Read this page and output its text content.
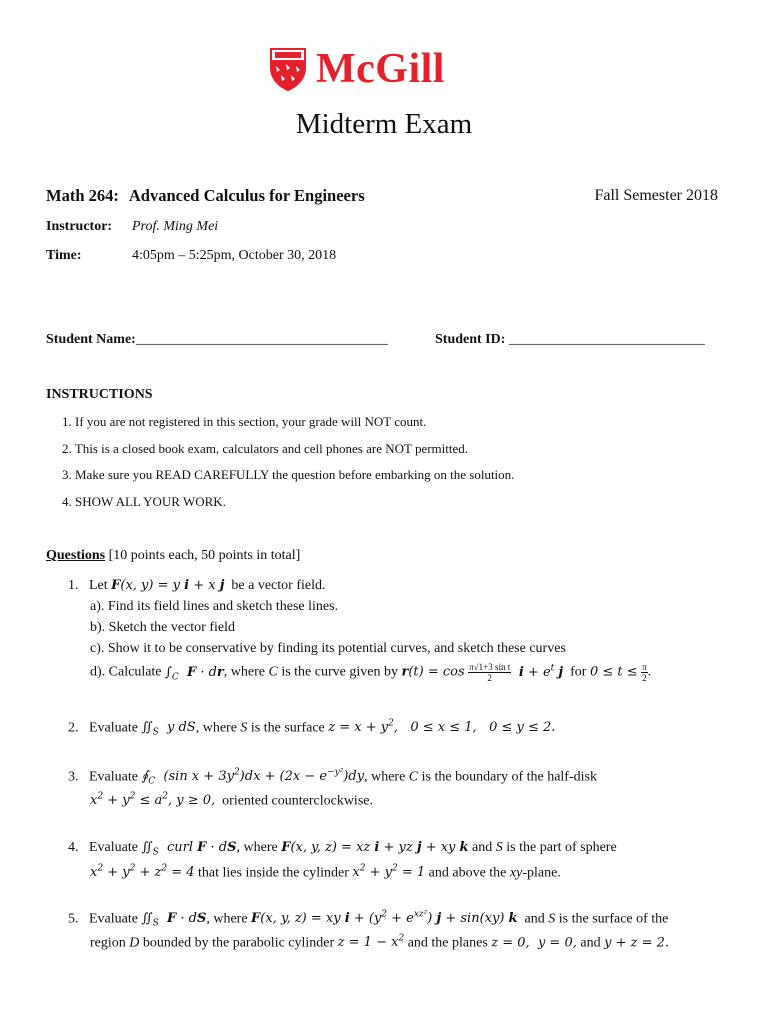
McGill
Midterm Exam
Math 264: Advanced Calculus for Engineers	Fall Semester 2018
Instructor: Prof. Ming Mei
Time:	4:05pm – 5:25pm, October 30, 2018
Student Name:____________________________________	Student ID: ____________________________
INSTRUCTIONS
1. If you are not registered in this section, your grade will NOT count.
2. This is a closed book exam, calculators and cell phones are NOT permitted.
3. Make sure you READ CAREFULLY the question before embarking on the solution.
4. SHOW ALL YOUR WORK.
Questions [10 points each, 50 points in total]
1.   Let F(x, y) = y i + x j  be a vector field.
a). Find its field lines and sketch these lines.
b). Sketch the vector field
c). Show it to be conservative by finding its potential curves, and sketch these curves
d). Calculate $\int_C$ F · dr, where C is the curve given by $r(t) = \cos \frac{\text{π√1+3 sin t}}{2}$ $i + e^t$ j  for $0 \le t \le \frac{\pi}{2}$ .
2.   Evaluate $∬_S$  y dS, where S is the surface $z = x + y^2$,   0 ≤ x ≤ 1,   0 ≤ y ≤ 2.
3.   Evaluate $∮_C$  (sin $x + 3y^2)dx + (2x - e^{-y^2})dy$, where C is the boundary of the half-disk
$x^2 + y^2 \le a^2$, y ≥ 0,  oriented counterclockwise.
4.   Evaluate $∬_S$  curl F · dS, where F(x, y, z) = xz i + yz j + xy k and S is the part of sphere
$x^2 + y^2 + z^2 = 4$ that lies inside the cylinder $x^2 + y^2 = 1$ and above the xy-plane.
5.   Evaluate $∬_S$ F · dS, where F(x, y, z) = xy $i + (y^2 + e^{xz^2}) j + \sin(xy)$ k  and S is the surface of the
region D bounded by the parabolic cylinder $z = 1 - x^2$ and the planes z = 0,  y = 0, and y + z = 2.
